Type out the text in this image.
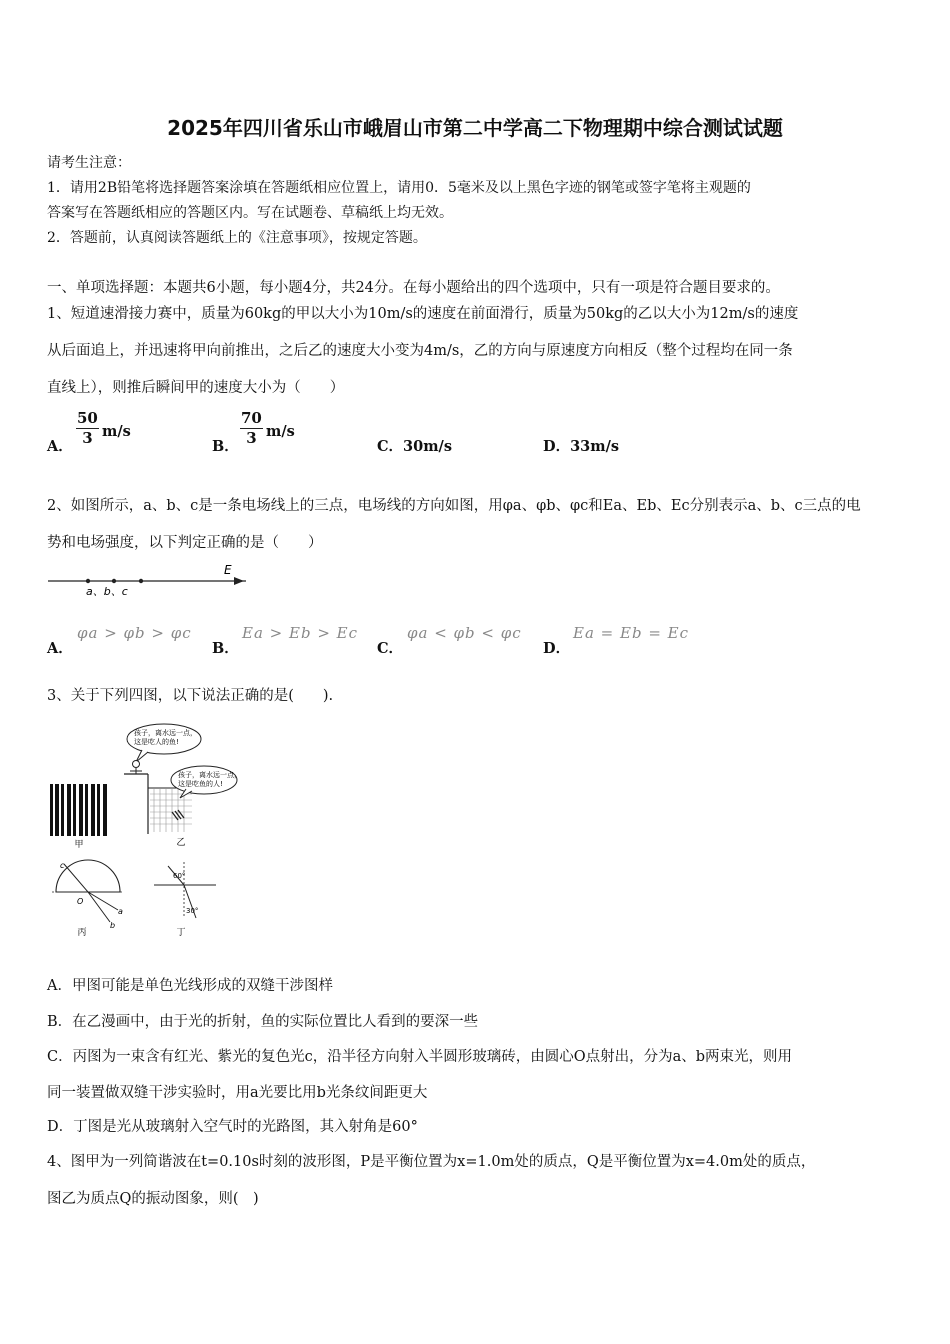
2025年四川省乐山市峨眉山市第二中学高二下物理期中综合测试试题
请考生注意：
1．请用2B铅笔将选择题答案涂填在答题纸相应位置上，请用0．5毫米及以上黑色字迹的钢笔或签字笔将主观题的
答案写在答题纸相应的答题区内。写在试题卷、草稿纸上均无效。
2．答题前，认真阅读答题纸上的《注意事项》，按规定答题。
一、单项选择题：本题共6小题，每小题4分，共24分。在每小题给出的四个选项中，只有一项是符合题目要求的。
1、短道速滑接力赛中，质量为60kg的甲以大小为10m/s的速度在前面滑行，质量为50kg的乙以大小为12m/s的速度
从后面追上，并迅速将甲向前推出，之后乙的速度大小变为4m/s，乙的方向与原速度方向相反（整个过程均在同一条
直线上），则推后瞬间甲的速度大小为（　　）
A． $\frac{50}{3} m/s$
B． $\frac{70}{3} m/s$
C．30m/s	D．33m/s
2、如图所示，a、b、c是一条电场线上的三点，电场线的方向如图，用φa、φb、φc和Ea、Eb、Ec分别表示a、b、c三点的电
势和电场强度，以下判定正确的是（　　）
E
a、b、c
A．
φa > φb > φc
B．
Ea > Eb > Ec
C．
φa < φb < φc
D．
Ea = Eb = Ec
3、关于下列四图，以下说法正确的是(　　).
甲
孩子，离水远一点，
这是吃人的鱼!
孩子，离水远一点，
这是吃鱼的人!
乙
c
O
a
b
丙
60°
30°
丁
A．甲图可能是单色光线形成的双缝干涉图样
B．在乙漫画中，由于光的折射，鱼的实际位置比人看到的要深一些
C．丙图为一束含有红光、紫光的复色光c，沿半径方向射入半圆形玻璃砖，由圆心O点射出，分为a、b两束光，则用
同一装置做双缝干涉实验时，用a光要比用b光条纹间距更大
D．丁图是光从玻璃射入空气时的光路图，其入射角是60°
4、图甲为一列简谐波在t=0.10s时刻的波形图，P是平衡位置为x=1.0m处的质点，Q是平衡位置为x=4.0m处的质点，
图乙为质点Q的振动图象，则(　)
